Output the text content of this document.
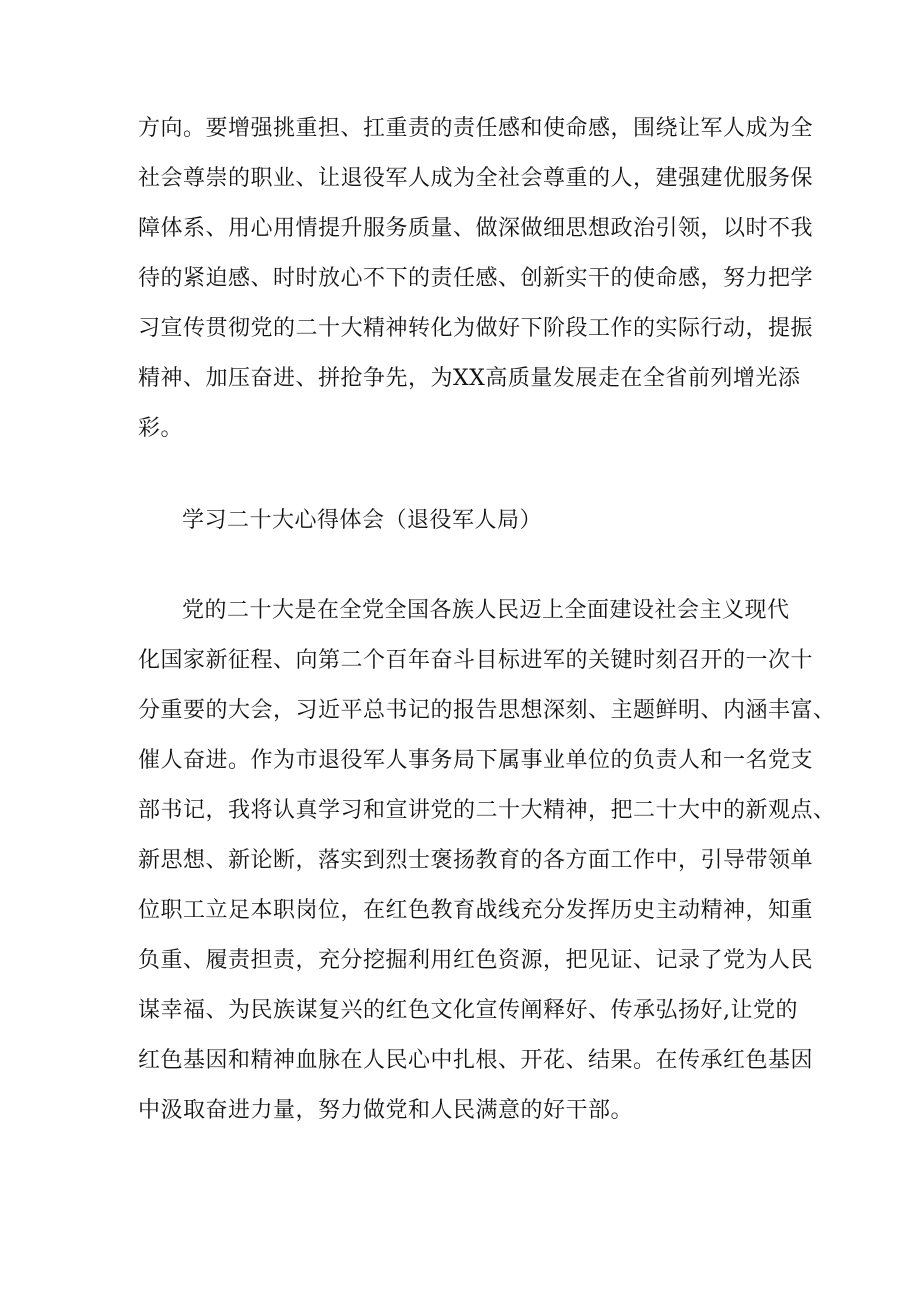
方向。要增强挑重担、扛重责的责任感和使命感，围绕让军人成为全
社会尊崇的职业、让退役军人成为全社会尊重的人，建强建优服务保
障体系、用心用情提升服务质量、做深做细思想政治引领，以时不我
待的紧迫感、时时放心不下的责任感、创新实干的使命感，努力把学
习宣传贯彻党的二十大精神转化为做好下阶段工作的实际行动，提振
精神、加压奋进、拼抢争先，为XX高质量发展走在全省前列增光添
彩。
学习二十大心得体会（退役军人局）
党的二十大是在全党全国各族人民迈上全面建设社会主义现代
化国家新征程、向第二个百年奋斗目标进军的关键时刻召开的一次十
分重要的大会，习近平总书记的报告思想深刻、主题鲜明、内涵丰富、
催人奋进。作为市退役军人事务局下属事业单位的负责人和一名党支
部书记，我将认真学习和宣讲党的二十大精神，把二十大中的新观点、
新思想、新论断，落实到烈士褒扬教育的各方面工作中，引导带领单
位职工立足本职岗位，在红色教育战线充分发挥历史主动精神，知重
负重、履责担责，充分挖掘利用红色资源，把见证、记录了党为人民
谋幸福、为民族谋复兴的红色文化宣传阐释好、传承弘扬好,让党的
红色基因和精神血脉在人民心中扎根、开花、结果。在传承红色基因
中汲取奋进力量，努力做党和人民满意的好干部。
